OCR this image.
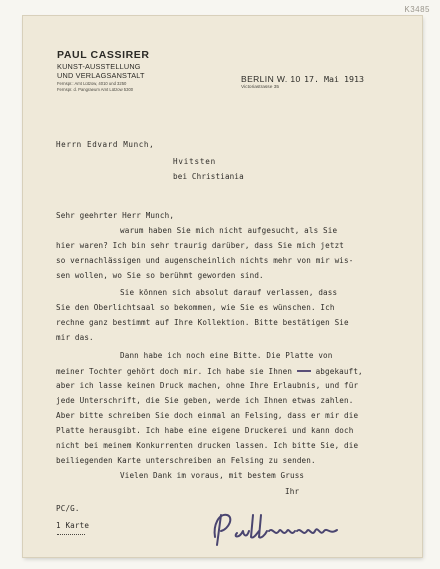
K3485
PAUL CASSIRER
KUNST-AUSSTELLUNG
UND VERLAGSANSTALT
Fernspr.: Amt Lützow, 4010 und 3250
Fernspr. d. Pangraeum Amt Lützow 5300
BERLIN W. 10 17. Mai 1913
Victoriastrasse 35
Herrn Edvard Munch,
Hvitsten
bei Christiania
Sehr geehrter Herr Munch,
warum haben Sie mich nicht aufgesucht, als Sie
hier waren? Ich bin sehr traurig darüber, dass Sie mich jetzt
so vernachlässigen und augenscheinlich nichts mehr von mir wis-
sen wollen, wo Sie so berühmt geworden sind.
Sie können sich absolut darauf verlassen, dass
Sie den Oberlichtsaal so bekommen, wie Sie es wünschen. Ich
rechne ganz bestimmt auf Ihre Kollektion. Bitte bestätigen Sie
mir das.
Dann habe ich noch eine Bitte. Die Platte von
meiner Tochter gehört doch mir. Ich habe sie Ihnen	abgekauft,
aber ich lasse keinen Druck machen, ohne Ihre Erlaubnis, und für
jede Unterschrift, die Sie geben, werde ich Ihnen etwas zahlen.
Aber bitte schreiben Sie doch einmal an Felsing, dass er mir die
Platte herausgibt. Ich habe eine eigene Druckerei und kann doch
nicht bei meinem Konkurrenten drucken lassen. Ich bitte Sie, die
beiliegenden Karte unterschreiben an Felsing zu senden.
Vielen Dank im voraus, mit bestem Gruss
Ihr
PC/G.
1 Karte
